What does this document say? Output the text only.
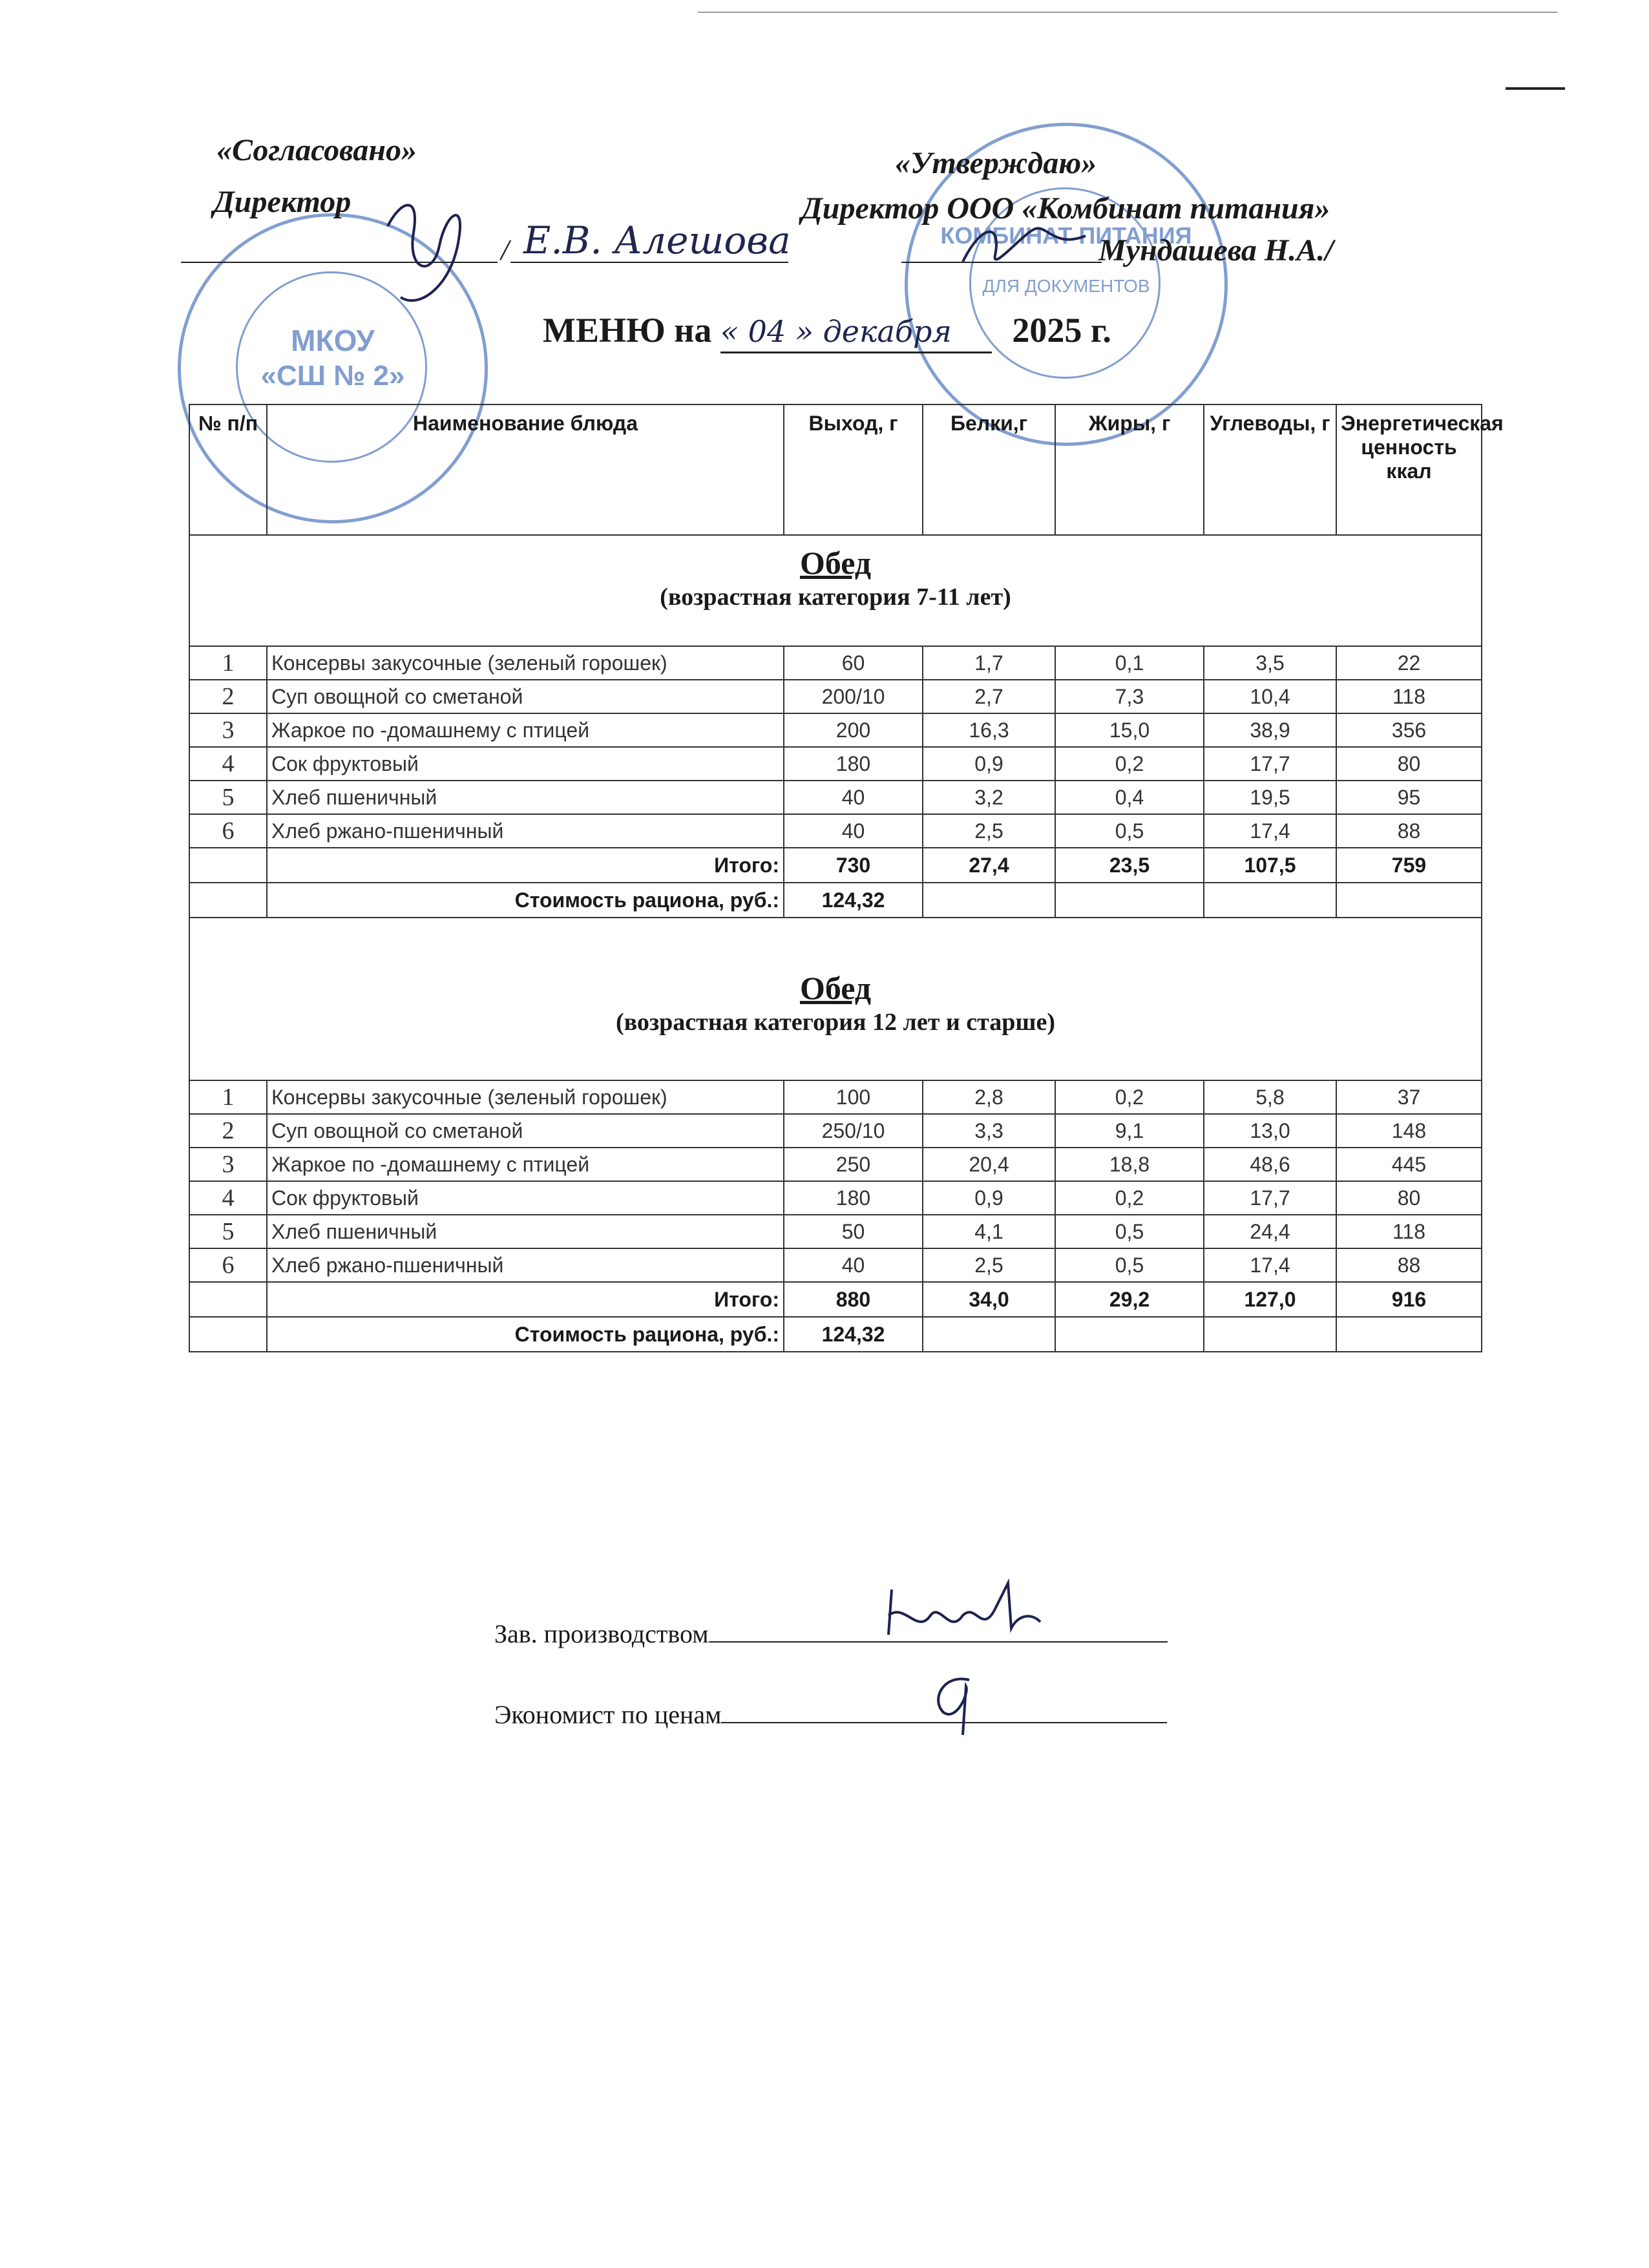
МКОУ
«СШ № 2»
КОМБИНАТ ПИТАНИЯ
ДЛЯ ДОКУМЕНТОВ
«Согласовано»
Директор
/ Е.В. Алешова
«Утверждаю»
Директор ООО «Комбинат питания»
Мундашева Н.А./
МЕНЮ на « 04 » декабря 2025 г.
№ п/п	Наименование блюда	Выход, г	Белки,г	Жиры, г	Углеводы, г	Энергетическая ценность ккал

Обед
(возрастная категория 7-11 лет)						

1	Консервы закусочные (зеленый горошек)	60	1,7	0,1	3,5	22
2	Суп овощной со сметаной	200/10	2,7	7,3	10,4	118
3	Жаркое по -домашнему с птицей	200	16,3	15,0	38,9	356
4	Сок фруктовый	180	0,9	0,2	17,7	80
5	Хлеб пшеничный	40	3,2	0,4	19,5	95
6	Хлеб ржано-пшеничный	40	2,5	0,5	17,4	88
	Итого:	730	27,4	23,5	107,5	759
	Стоимость рациона, руб.:	124,32				

Обед
(возрастная категория 12 лет и старше)						

1	Консервы закусочные (зеленый горошек)	100	2,8	0,2	5,8	37
2	Суп овощной со сметаной	250/10	3,3	9,1	13,0	148
3	Жаркое по -домашнему с птицей	250	20,4	18,8	48,6	445
4	Сок фруктовый	180	0,9	0,2	17,7	80
5	Хлеб пшеничный	50	4,1	0,5	24,4	118
6	Хлеб ржано-пшеничный	40	2,5	0,5	17,4	88
	Итого:	880	34,0	29,2	127,0	916
	Стоимость рациона, руб.:	124,32				
Зав. производством
Экономист по ценам
